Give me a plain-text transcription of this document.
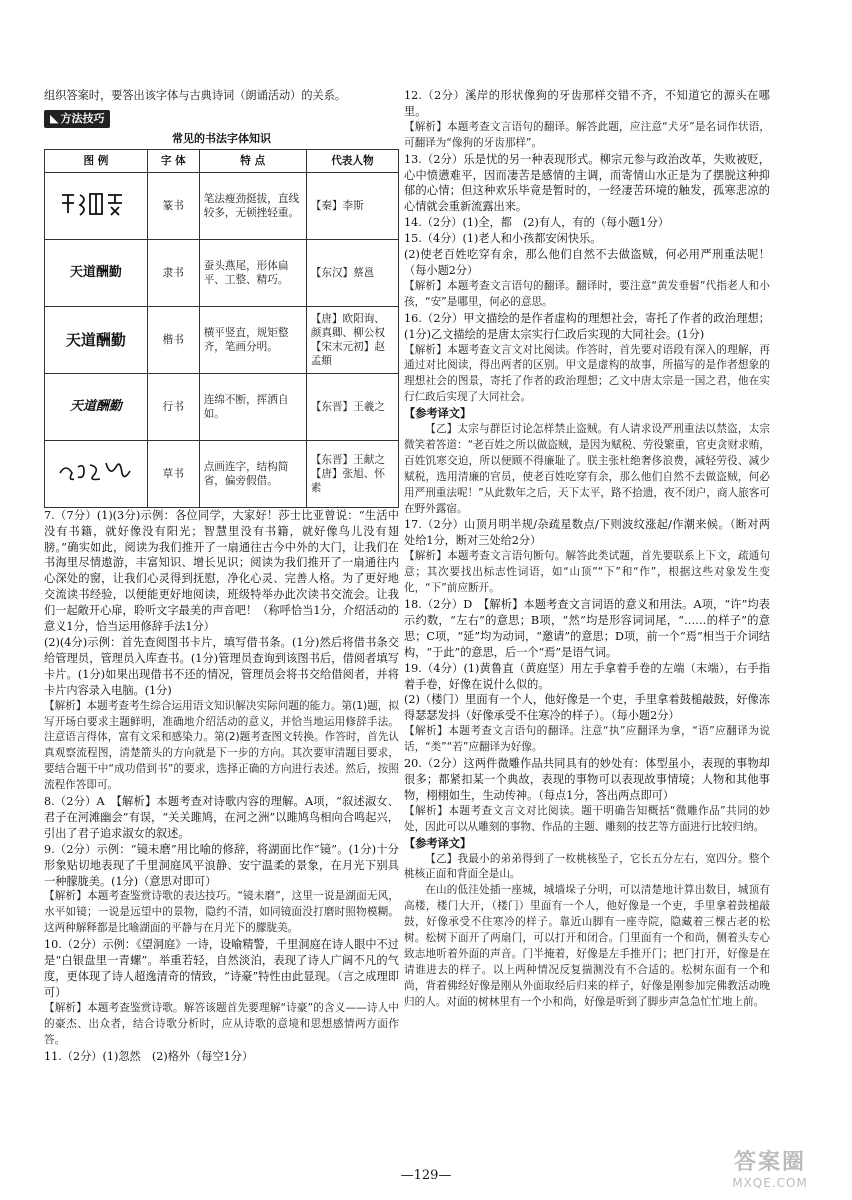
组织答案时，要答出该字体与古典诗词（朗诵活动）的关系。

◣ 方法技巧
常见的书法字体知识
图 例	字 体	特 点	代表人物
	篆书	笔法瘦劲挺拔，直线较多，无顿挫轻重。	【秦】李斯
天道酬勤	隶书	蚕头燕尾，形体扁平、工整、精巧。	【东汉】蔡邕
天道酬勤	楷书	横平竖直，规矩整齐，笔画分明。	【唐】欧阳询、颜真卿、柳公权【宋末元初】赵孟頫
天道酬勤	行书	连绵不断，挥洒自如。	【东晋】王羲之
	草书	点画连字，结构简省，偏旁假借。	【东晋】王献之【唐】张旭、怀素

7.（7分）(1)(3分)示例：各位同学，大家好！莎士比亚曾说：“生活中没有书籍，就好像没有阳光；智慧里没有书籍，就好像鸟儿没有翅膀。”确实如此，阅读为我们推开了一扇通往古今中外的大门，让我们在书海里尽情遨游，丰富知识、增长见识；阅读为我们推开了一扇通往内心深处的窗，让我们心灵得到抚慰，净化心灵、完善人格。为了更好地交流读书经验，以便能更好地阅读，班级特举办此次读书交流会。让我们一起敞开心扉，聆听文字最美的声音吧！（称呼恰当1分，介绍活动的意义1分，恰当运用修辞手法1分）

(2)(4分)示例：首先查阅图书卡片，填写借书条。(1分)然后将借书条交给管理员，管理员入库查书。(1分)管理员查询到该图书后，借阅者填写卡片。(1分)如果出现借书不还的情况，管理员会将书交给借阅者，并将卡片内容录入电脑。(1分)

【解析】本题考查考生综合运用语文知识解决实际问题的能力。第(1)题，拟写开场白要求主题鲜明，准确地介绍活动的意义，并恰当地运用修辞手法。注意语言得体，富有文采和感染力。第(2)题考查图文转换。作答时，首先认真观察流程图，清楚箭头的方向就是下一步的方向。其次要审清题目要求，要结合题干中“成功借到书”的要求，选择正确的方向进行表述。然后，按照流程作答即可。

8.（2分）A　【解析】本题考查对诗歌内容的理解。A项，“叙述淑女、君子在河滩幽会”有误，“关关雎鸠，在河之洲”以雎鸠鸟相向合鸣起兴，引出了君子追求淑女的叙述。

9.（2分）示例：“镜未磨”用比喻的修辞，将湖面比作“镜”。(1分)十分形象贴切地表现了千里洞庭风平浪静、安宁温柔的景象，在月光下别具一种朦胧美。(1分)（意思对即可）

【解析】本题考查鉴赏诗歌的表达技巧。“镜未磨”，这里一说是湖面无风，水平如镜；一说是远望中的景物，隐约不清，如同镜面没打磨时照物模糊。这两种解释都是比喻湖面的平静与在月光下的朦胧美。

10.（2分）示例：《望洞庭》一诗，设喻精警，千里洞庭在诗人眼中不过是“白银盘里一青螺”。举重若轻，自然淡泊，表现了诗人广阔不凡的气度，更体现了诗人超逸清奇的情致，“诗豪”特性由此显现。（言之成理即可）

【解析】本题考查鉴赏诗歌。解答该题首先要理解“诗豪”的含义——诗人中的豪杰、出众者，结合诗歌分析时，应从诗歌的意境和思想感情两方面作答。

11.（2分）(1)忽然　(2)格外（每空1分）

12.（2分）溪岸的形状像狗的牙齿那样交错不齐，不知道它的源头在哪里。

【解析】本题考查文言语句的翻译。解答此题，应注意“犬牙”是名词作状语，可翻译为“像狗的牙齿那样”。

13.（2分）乐是忧的另一种表现形式。柳宗元参与政治改革，失败被贬，心中愤懑难平，因而凄苦是感情的主调，而寄情山水正是为了摆脱这种抑郁的心情；但这种欢乐毕竟是暂时的，一经凄苦环境的触发，孤寒悲凉的心情就会重新流露出来。

14.（2分）(1)全，都　(2)有人，有的（每小题1分）

15.（4分）(1)老人和小孩都安闲快乐。

(2)使老百姓吃穿有余，那么他们自然不去做盗贼，何必用严刑重法呢！（每小题2分）

【解析】本题考查文言语句的翻译。翻译时，要注意“黄发垂髫”代指老人和小孩，“安”是哪里，何必的意思。

16.（2分）甲文描绘的是作者虚构的理想社会，寄托了作者的政治理想；(1分)乙文描绘的是唐太宗实行仁政后实现的大同社会。(1分)

【解析】本题考查文言文对比阅读。作答时，首先要对语段有深入的理解，再通过对比阅读，得出两者的区别。甲文是虚构的故事，所描写的是作者想象的理想社会的图景，寄托了作者的政治理想；乙文中唐太宗是一国之君，他在实行仁政后实现了大同社会。

【参考译文】

【乙】太宗与群臣讨论怎样禁止盗贼。有人请求设严刑重法以禁盗，太宗微笑着答道：“老百姓之所以做盗贼，是因为赋税、劳役繁重，官吏贪财求贿，百姓饥寒交迫，所以便顾不得廉耻了。朕主张杜绝奢侈浪费，减轻劳役、减少赋税，选用清廉的官员，使老百姓吃穿有余，那么他们自然不去做盗贼，何必用严刑重法呢！”从此数年之后，天下太平，路不拾遗，夜不闭户，商人旅客可在野外露宿。

17.（2分）山顶月明半规/杂疏星数点/下则波纹涨起/作潮来候。（断对两处给1分，断对三处给2分）

【解析】本题考查文言语句断句。解答此类试题，首先要联系上下文，疏通句意；其次要找出标志性词语，如“山顶”“下”和“作”，根据这些对象发生变化，“下”前应断开。

18.（2分）D　【解析】本题考查文言词语的意义和用法。A项，“许”均表示约数，“左右”的意思；B项，“然”均是形容词词尾，“……的样子”的意思；C项，“延”均为动词，“邀请”的意思；D项，前一个“焉”相当于介词结构，“于此”的意思，后一个“焉”是语气词。

19.（4分）(1)黄鲁直（黄庭坚）用左手拿着手卷的左端（末端），右手指着手卷，好像在说什么似的。

(2)（楼门）里面有一个人，他好像是一个吏，手里拿着鼓槌敲鼓，好像冻得瑟瑟发抖（好像承受不住寒冷的样子）。（每小题2分）

【解析】本题考查文言语句的翻译。注意“执”应翻译为拿，“语”应翻译为说话，“类”“若”应翻译为好像。

20.（2分）这两件微雕作品共同具有的妙处有：体型虽小，表现的事物却很多；都紧扣某一个典故，表现的事物可以表现故事情境；人物和其他事物，栩栩如生，生动传神。（每点1分，答出两点即可）

【解析】本题考查文言文对比阅读。题干明确告知概括“微雕作品”共同的妙处，因此可以从雕刻的事物、作品的主题、雕刻的技艺等方面进行比较归纳。

【参考译文】

【乙】我最小的弟弟得到了一枚桃核坠子，它长五分左右，宽四分。整个桃核正面和背面全是山。

在山的低洼处插一座城，城墙垛子分明，可以清楚地计算出数目，城顶有高楼，楼门大开，（楼门）里面有一个人，他好像是一个吏，手里拿着鼓槌敲鼓，好像承受不住寒冷的样子。靠近山脚有一座寺院，隐藏着三棵古老的松树。松树下面开了两扇门，可以打开和闭合。门里面有一个和尚，侧着头专心致志地听着外面的声音。门半掩着，好像是左手推开门；把门打开，好像是在请谁进去的样子。以上两种情况反复揣测没有不合适的。松树东面有一个和尚，背着佛经好像是刚从外面取经后归来的样子，好像是刚参加完佛教活动晚归的人。对面的树林里有一个小和尚，好像是听到了脚步声急急忙忙地上前。

—129—
答案圈
MXQE.COM
